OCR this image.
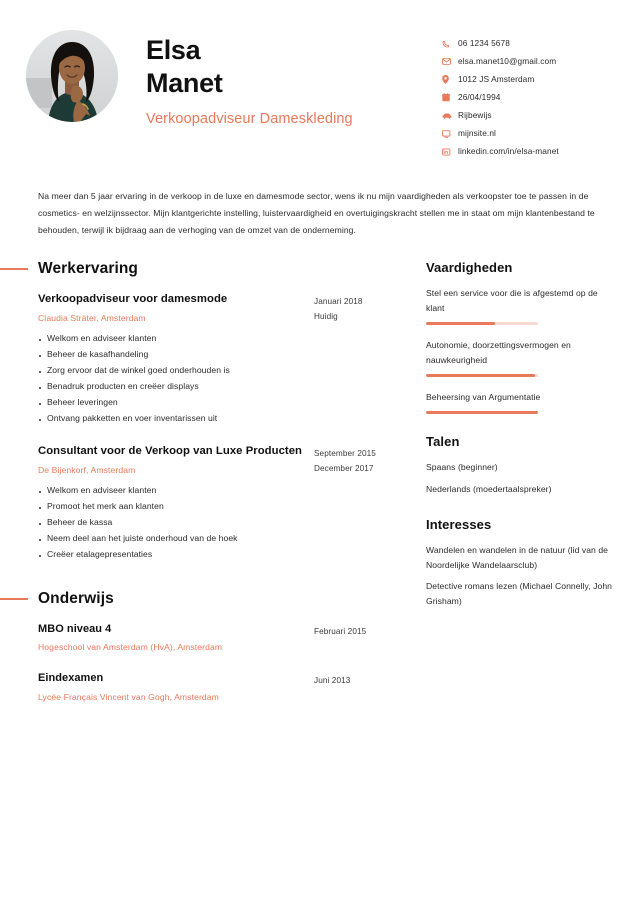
Elsa
Manet
Verkoopadviseur Dameskleding
06 1234 5678
elsa.manet10@gmail.com
1012 JS Amsterdam
26/04/1994
Rijbewijs
mijnsite.nl
linkedin.com/in/elsa-manet
Na meer dan 5 jaar ervaring in de verkoop in de luxe en damesmode sector, wens ik nu mijn vaardigheden als verkoopster toe te passen in de cosmetics- en welzijnssector. Mijn klantgerichte instelling, luistervaardigheid en overtuigingskracht stellen me in staat om mijn klantenbestand te behouden, terwijl ik bijdraag aan de verhoging van de omzet van de onderneming.
Werkervaring
Verkoopadviseur voor damesmode
Claudia Sträter, Amsterdam
Welkom en adviseer klanten
Beheer de kasafhandeling
Zorg ervoor dat de winkel goed onderhouden is
Benadruk producten en creëer displays
Beheer leveringen
Ontvang pakketten en voer inventarissen uit
Januari 2018
Huidig
Consultant voor de Verkoop van Luxe Producten
De Bijenkorf, Amsterdam
Welkom en adviseer klanten
Promoot het merk aan klanten
Beheer de kassa
Neem deel aan het juiste onderhoud van de hoek
Creëer etalagepresentaties
September 2015
December 2017
Onderwijs
MBO niveau 4
Hogeschool van Amsterdam (HvA), Amsterdam
Februari 2015
Eindexamen
Lycée Français Vincent van Gogh, Amsterdam
Juni 2013
Vaardigheden
Stel een service voor die is afgestemd op de klant
Autonomie, doorzettingsvermogen en nauwkeurigheid
Beheersing van Argumentatie
Talen
Spaans (beginner)
Nederlands (moedertaalspreker)
Interesses
Wandelen en wandelen in de natuur (lid van de Noordelijke Wandelaarsclub)
Detective romans lezen (Michael Connelly, John Grisham)
